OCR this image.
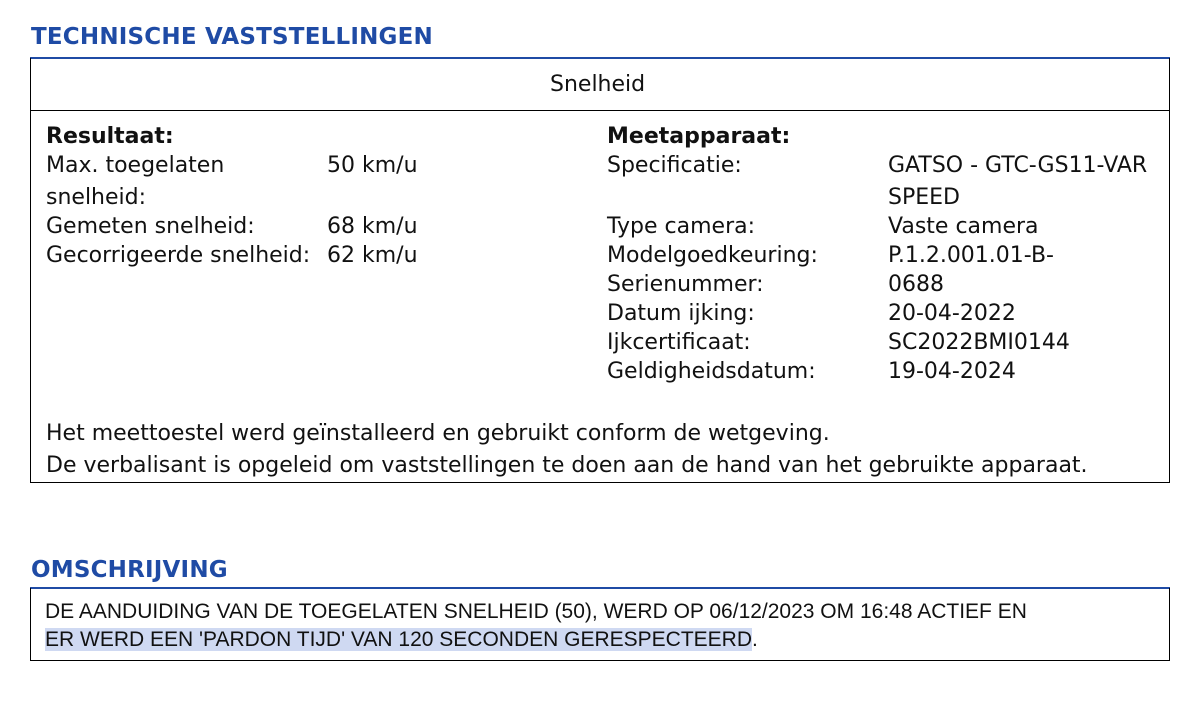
TECHNISCHE VASTSTELLINGEN
Snelheid
Resultaat:
Max. toegelaten	50 km/u
snelheid:
Gemeten snelheid:	68 km/u
Gecorrigeerde snelheid: 62 km/u
Meetapparaat:
Specificatie:	GATSO - GTC-GS11-VAR
SPEED
Type camera:	Vaste camera
Modelgoedkeuring:	P.1.2.001.01-B-
Serienummer:	0688
Datum ijking:	20-04-2022
Ijkcertificaat:	SC2022BMI0144
Geldigheidsdatum:	19-04-2024
Het meettoestel werd geïnstalleerd en gebruikt conform de wetgeving.
De verbalisant is opgeleid om vaststellingen te doen aan de hand van het gebruikte apparaat.
OMSCHRIJVING
DE AANDUIDING VAN DE TOEGELATEN SNELHEID (50), WERD OP 06/12/2023 OM 16:48 ACTIEF EN
ER WERD EEN 'PARDON TIJD' VAN 120 SECONDEN GERESPECTEERD.
